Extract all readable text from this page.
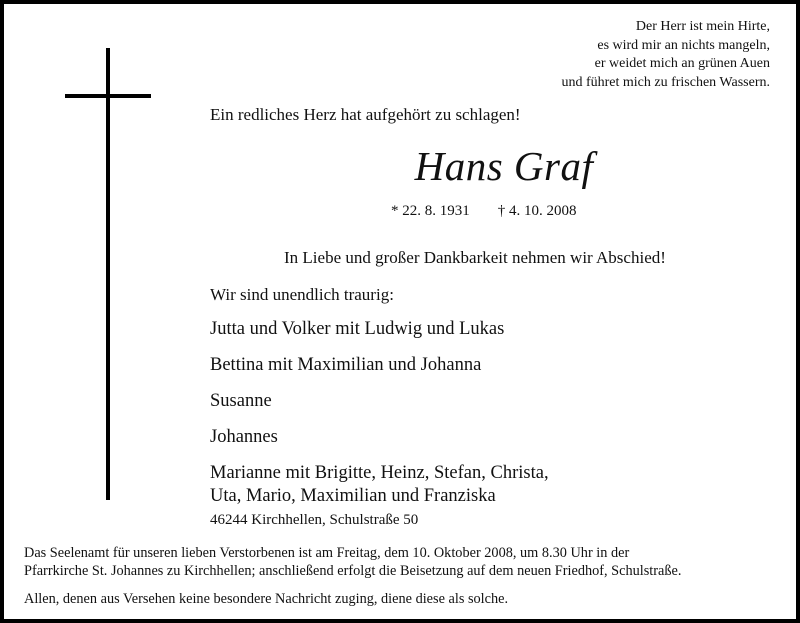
Der Herr ist mein Hirte,
es wird mir an nichts mangeln,
er weidet mich an grünen Auen
und führet mich zu frischen Wassern.
Ein redliches Herz hat aufgehört zu schlagen!
Hans Graf
* 22. 8. 1931 † 4. 10. 2008
In Liebe und großer Dankbarkeit nehmen wir Abschied!
Wir sind unendlich traurig:
Jutta und Volker mit Ludwig und Lukas
Bettina mit Maximilian und Johanna
Susanne
Johannes
Marianne mit Brigitte, Heinz, Stefan, Christa,
Uta, Mario, Maximilian und Franziska
46244 Kirchhellen, Schulstraße 50
Das Seelenamt für unseren lieben Verstorbenen ist am Freitag, dem 10. Oktober 2008, um 8.30 Uhr in der
Pfarrkirche St. Johannes zu Kirchhellen; anschließend erfolgt die Beisetzung auf dem neuen Friedhof, Schulstraße.
Allen, denen aus Versehen keine besondere Nachricht zuging, diene diese als solche.
